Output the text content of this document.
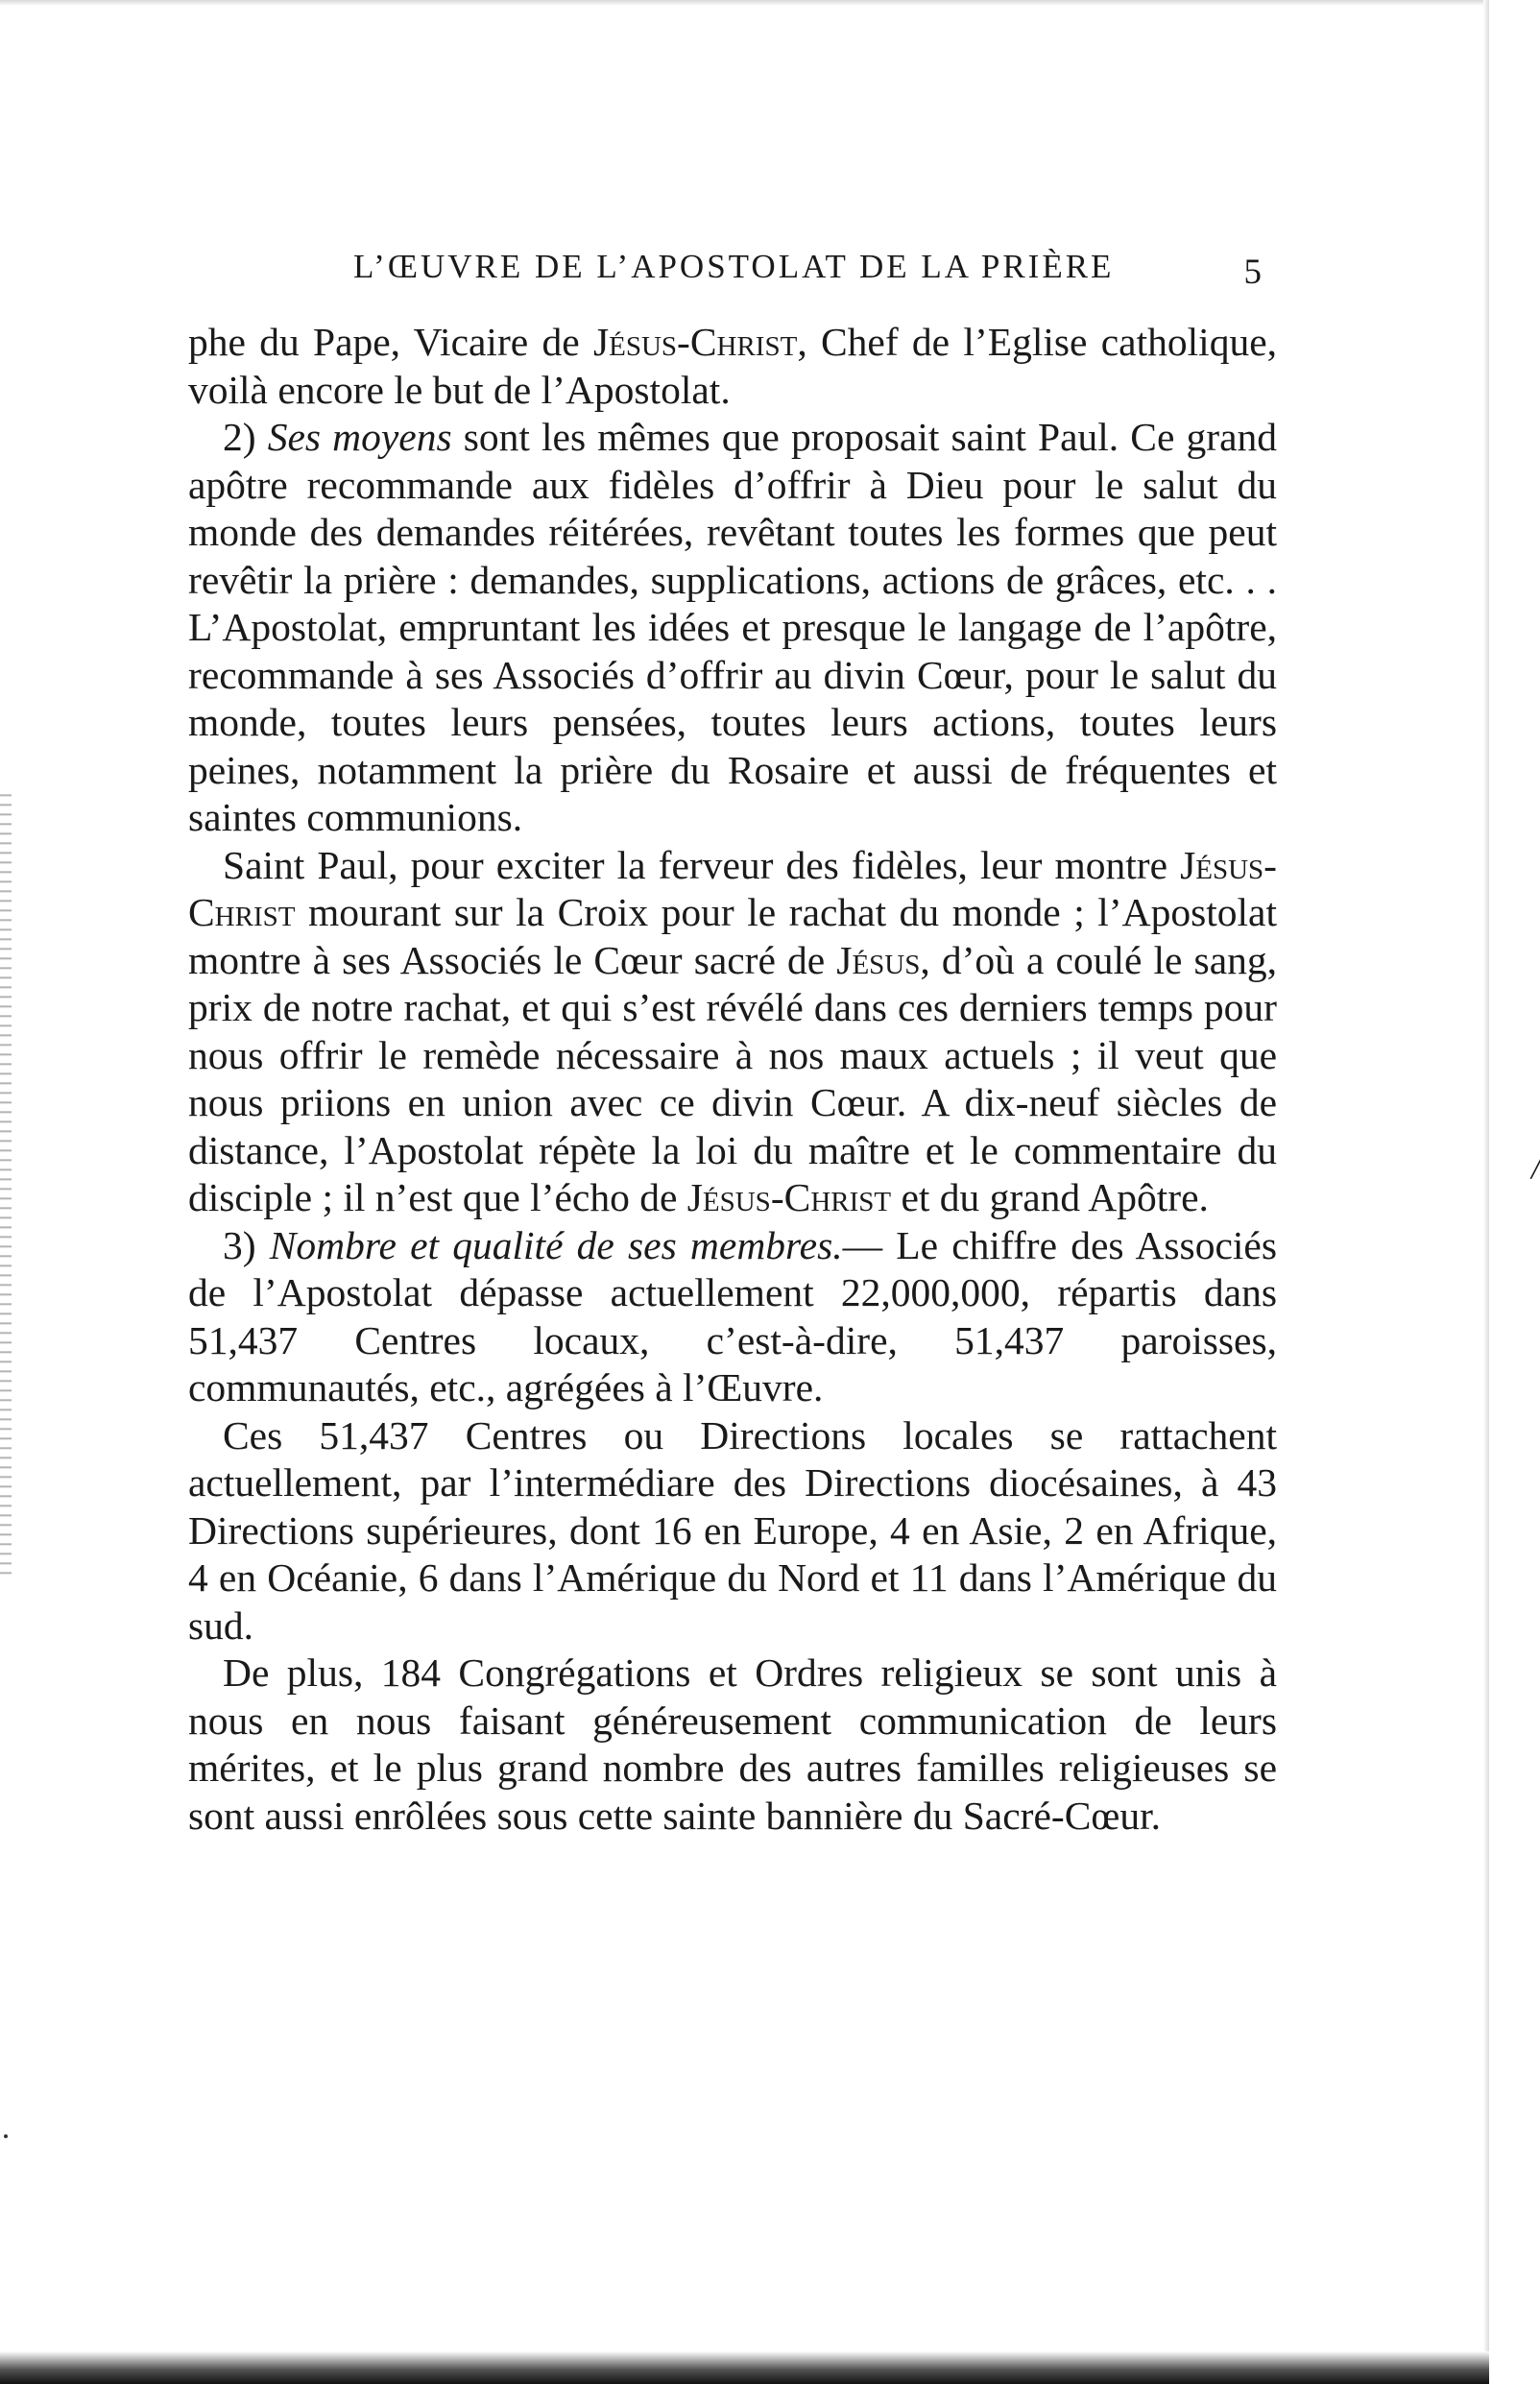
L’ŒUVRE DE L’APOSTOLAT DE LA PRIÈRE	5

phe du Pape, Vicaire de Jésus-Christ, Chef de l’Eglise catholique, voilà encore le but de l’Apostolat.

2) Ses moyens sont les mêmes que proposait saint Paul. Ce grand apôtre recommande aux fidèles d’offrir à Dieu pour le salut du monde des demandes réitérées, revêtant toutes les formes que peut revêtir la prière : demandes, supplications, actions de grâces, etc. . . L’Apostolat, empruntant les idées et presque le langage de l’apôtre, recommande à ses Associés d’offrir au divin Cœur, pour le salut du monde, toutes leurs pensées, toutes leurs actions, toutes leurs peines, notamment la prière du Rosaire et aussi de fréquentes et saintes communions.

Saint Paul, pour exciter la ferveur des fidèles, leur montre Jésus-Christ mourant sur la Croix pour le rachat du monde ; l’Apostolat montre à ses Associés le Cœur sacré de Jésus, d’où a coulé le sang, prix de notre rachat, et qui s’est révélé dans ces derniers temps pour nous offrir le remède nécessaire à nos maux actuels ; il veut que nous priions en union avec ce divin Cœur. A dix-neuf siècles de distance, l’Apostolat répète la loi du maître et le commentaire du disciple ; il n’est que l’écho de Jésus-Christ et du grand Apôtre.

3) Nombre et qualité de ses membres.— Le chiffre des Associés de l’Apostolat dépasse actuellement 22,000,000, répartis dans 51,437 Centres locaux, c’est-à-dire, 51,437 paroisses, communautés, etc., agrégées à l’Œuvre.

Ces 51,437 Centres ou Directions locales se rattachent actuellement, par l’intermédiare des Directions diocésaines, à 43 Directions supérieures, dont 16 en Europe, 4 en Asie, 2 en Afrique, 4 en Océanie, 6 dans l’Amérique du Nord et 11 dans l’Amérique du sud.

De plus, 184 Congrégations et Ordres religieux se sont unis à nous en nous faisant généreusement communication de leurs mérites, et le plus grand nombre des autres familles religieuses se sont aussi enrôlées sous cette sainte bannière du Sacré-Cœur.

/
